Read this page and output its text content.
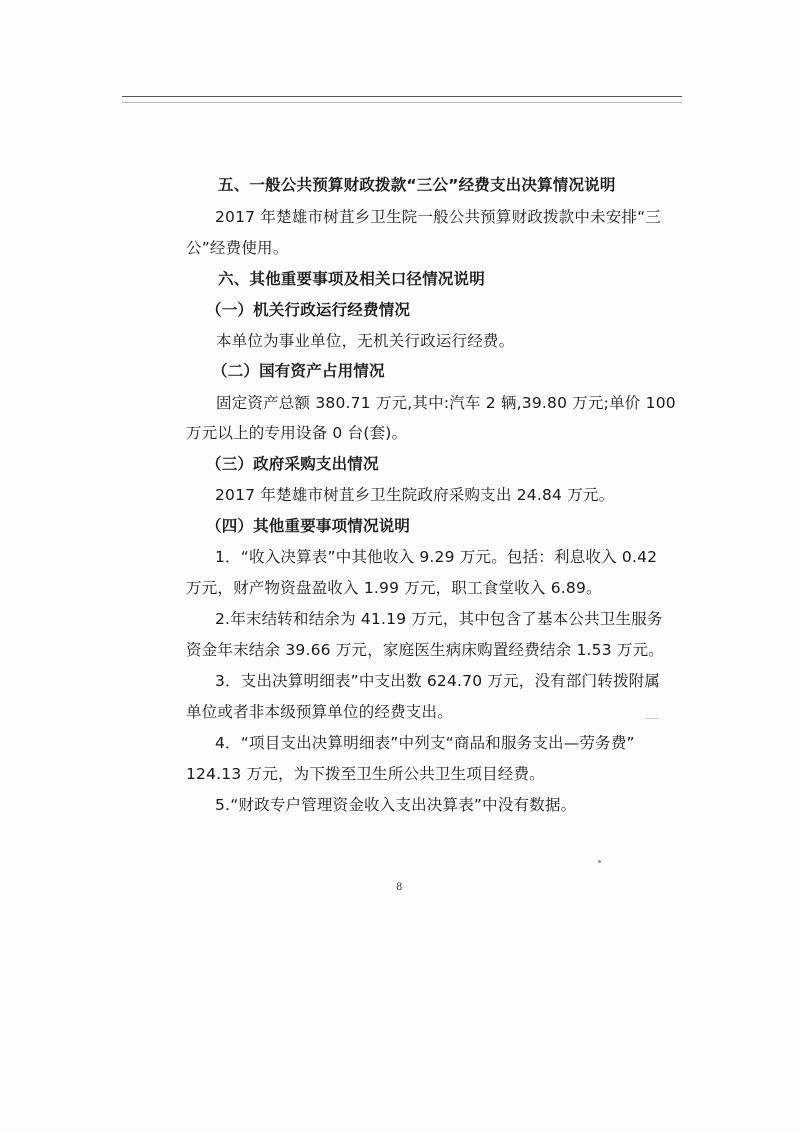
五、一般公共预算财政拨款“三公”经费支出决算情况说明
2017 年楚雄市树苴乡卫生院一般公共预算财政拨款中未安排“三
公”经费使用。
六、其他重要事项及相关口径情况说明
（一）机关行政运行经费情况
本单位为事业单位，无机关行政运行经费。
（二）国有资产占用情况
固定资产总额 380.71 万元,其中:汽车 2 辆,39.80 万元;单价 100
万元以上的专用设备 0 台(套)。
（三）政府采购支出情况
2017 年楚雄市树苴乡卫生院政府采购支出 24.84 万元。
（四）其他重要事项情况说明
1．“收入决算表”中其他收入 9.29 万元。包括：利息收入 0.42
万元，财产物资盘盈收入 1.99 万元，职工食堂收入 6.89。
2.年末结转和结余为 41.19 万元，其中包含了基本公共卫生服务
资金年末结余 39.66 万元，家庭医生病床购置经费结余 1.53 万元。
3．支出决算明细表”中支出数 624.70 万元，没有部门转拨附属
单位或者非本级预算单位的经费支出。
4．“项目支出决算明细表”中列支“商品和服务支出—劳务费”
124.13 万元，为下拨至卫生所公共卫生项目经费。
5.“财政专户管理资金收入支出决算表”中没有数据。
8
